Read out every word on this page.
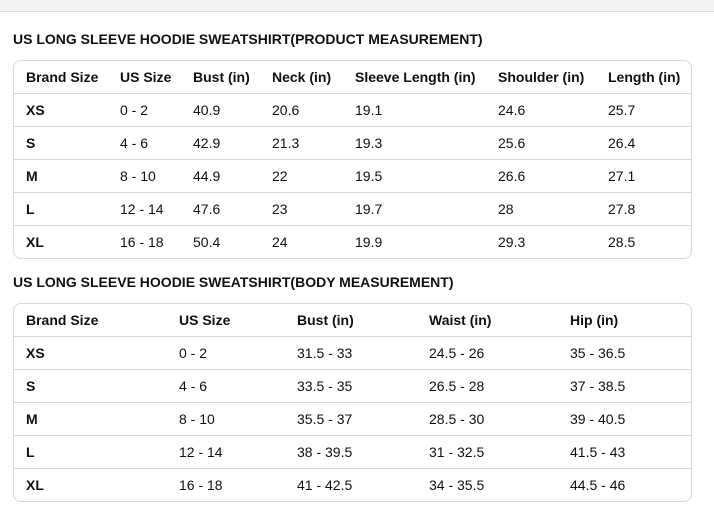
US LONG SLEEVE HOODIE SWEATSHIRT(PRODUCT MEASUREMENT)
Brand Size	US Size	Bust (in)	Neck (in)	Sleeve Length (in)	Shoulder (in)	Length (in)
XS	0 - 2	40.9	20.6	19.1	24.6	25.7
S	4 - 6	42.9	21.3	19.3	25.6	26.4
M	8 - 10	44.9	22	19.5	26.6	27.1
L	12 - 14	47.6	23	19.7	28	27.8
XL	16 - 18	50.4	24	19.9	29.3	28.5
US LONG SLEEVE HOODIE SWEATSHIRT(BODY MEASUREMENT)
Brand Size	US Size	Bust (in)	Waist (in)	Hip (in)
XS	0 - 2	31.5 - 33	24.5 - 26	35 - 36.5
S	4 - 6	33.5 - 35	26.5 - 28	37 - 38.5
M	8 - 10	35.5 - 37	28.5 - 30	39 - 40.5
L	12 - 14	38 - 39.5	31 - 32.5	41.5 - 43
XL	16 - 18	41 - 42.5	34 - 35.5	44.5 - 46
